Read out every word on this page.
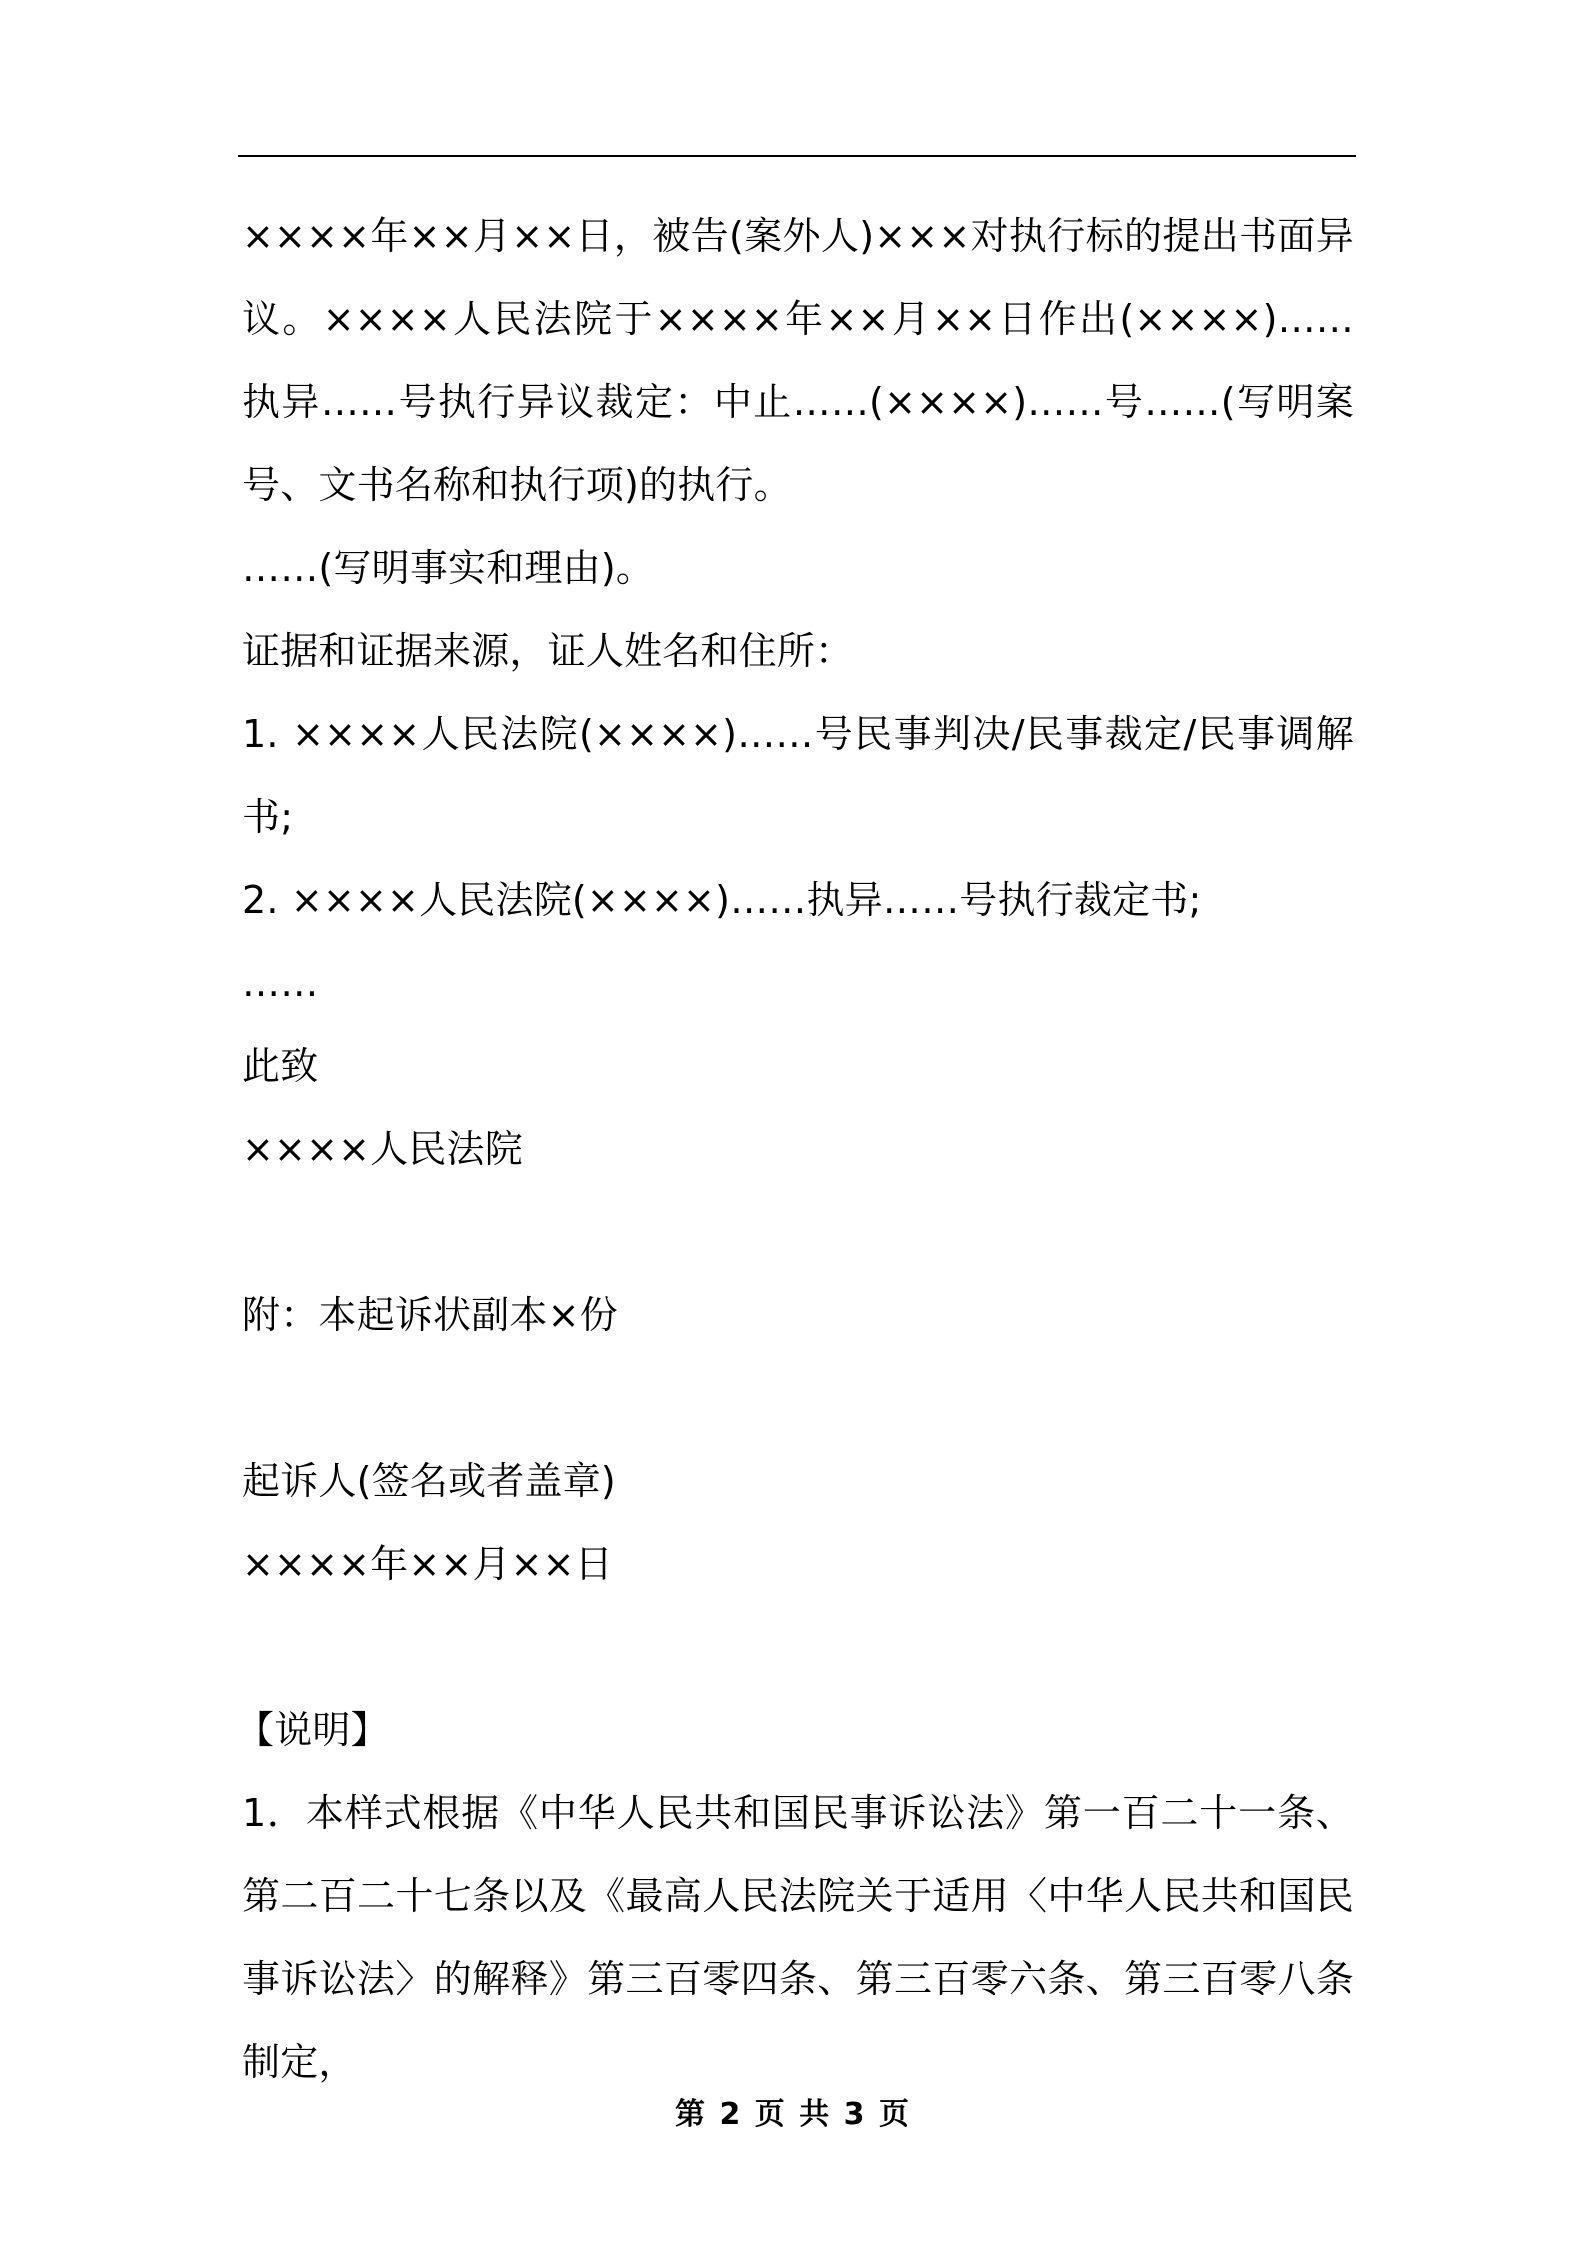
××××年××月××日，被告(案外人)×××对执行标的提出书面异议。××××人民法院于××××年××月××日作出(××××)……执异……号执行异议裁定：中止……(××××)……号……(写明案号、文书名称和执行项)的执行。

……(写明事实和理由)。

证据和证据来源，证人姓名和住所：

1. ××××人民法院(××××)……号民事判决/民事裁定/民事调解书;

2. ××××人民法院(××××)……执异……号执行裁定书;

……

此致

××××人民法院

附：本起诉状副本×份

起诉人(签名或者盖章)

××××年××月××日

【说明】

1．本样式根据《中华人民共和国民事诉讼法》第一百二十一条、第二百二十七条以及《最高人民法院关于适用〈中华人民共和国民事诉讼法〉的解释》第三百零四条、第三百零六条、第三百零八条制定，

第 2 页 共 3 页
